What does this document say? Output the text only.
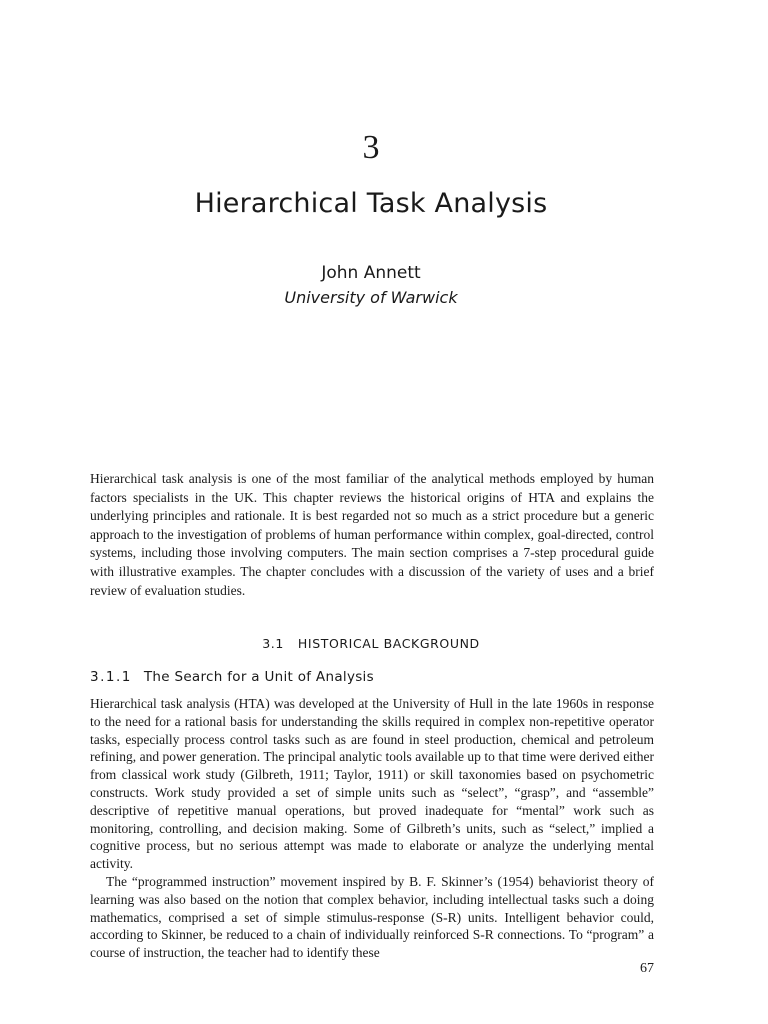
3
Hierarchical Task Analysis
John Annett
University of Warwick

Hierarchical task analysis is one of the most familiar of the analytical methods employed by human factors specialists in the UK. This chapter reviews the historical origins of HTA and explains the underlying principles and rationale. It is best regarded not so much as a strict procedure but a generic approach to the investigation of problems of human performance within complex, goal-directed, control systems, including those involving computers. The main section comprises a 7-step procedural guide with illustrative examples. The chapter concludes with a discussion of the variety of uses and a brief review of evaluation studies.

3.1 HISTORICAL BACKGROUND
3.1.1 The Search for a Unit of Analysis

Hierarchical task analysis (HTA) was developed at the University of Hull in the late 1960s in response to the need for a rational basis for understanding the skills required in complex non-repetitive operator tasks, especially process control tasks such as are found in steel production, chemical and petroleum refining, and power generation. The principal analytic tools available up to that time were derived either from classical work study (Gilbreth, 1911; Taylor, 1911) or skill taxonomies based on psychometric constructs. Work study provided a set of simple units such as “select”, “grasp”, and “assemble” descriptive of repetitive manual operations, but proved inadequate for “mental” work such as monitoring, controlling, and decision making. Some of Gilbreth’s units, such as “select,” implied a cognitive process, but no serious attempt was made to elaborate or analyze the underlying mental activity.

The “programmed instruction” movement inspired by B. F. Skinner’s (1954) behaviorist theory of learning was also based on the notion that complex behavior, including intellectual tasks such a doing mathematics, comprised a set of simple stimulus-response (S-R) units. Intelligent behavior could, according to Skinner, be reduced to a chain of individually reinforced S-R connections. To “program” a course of instruction, the teacher had to identify these

67
